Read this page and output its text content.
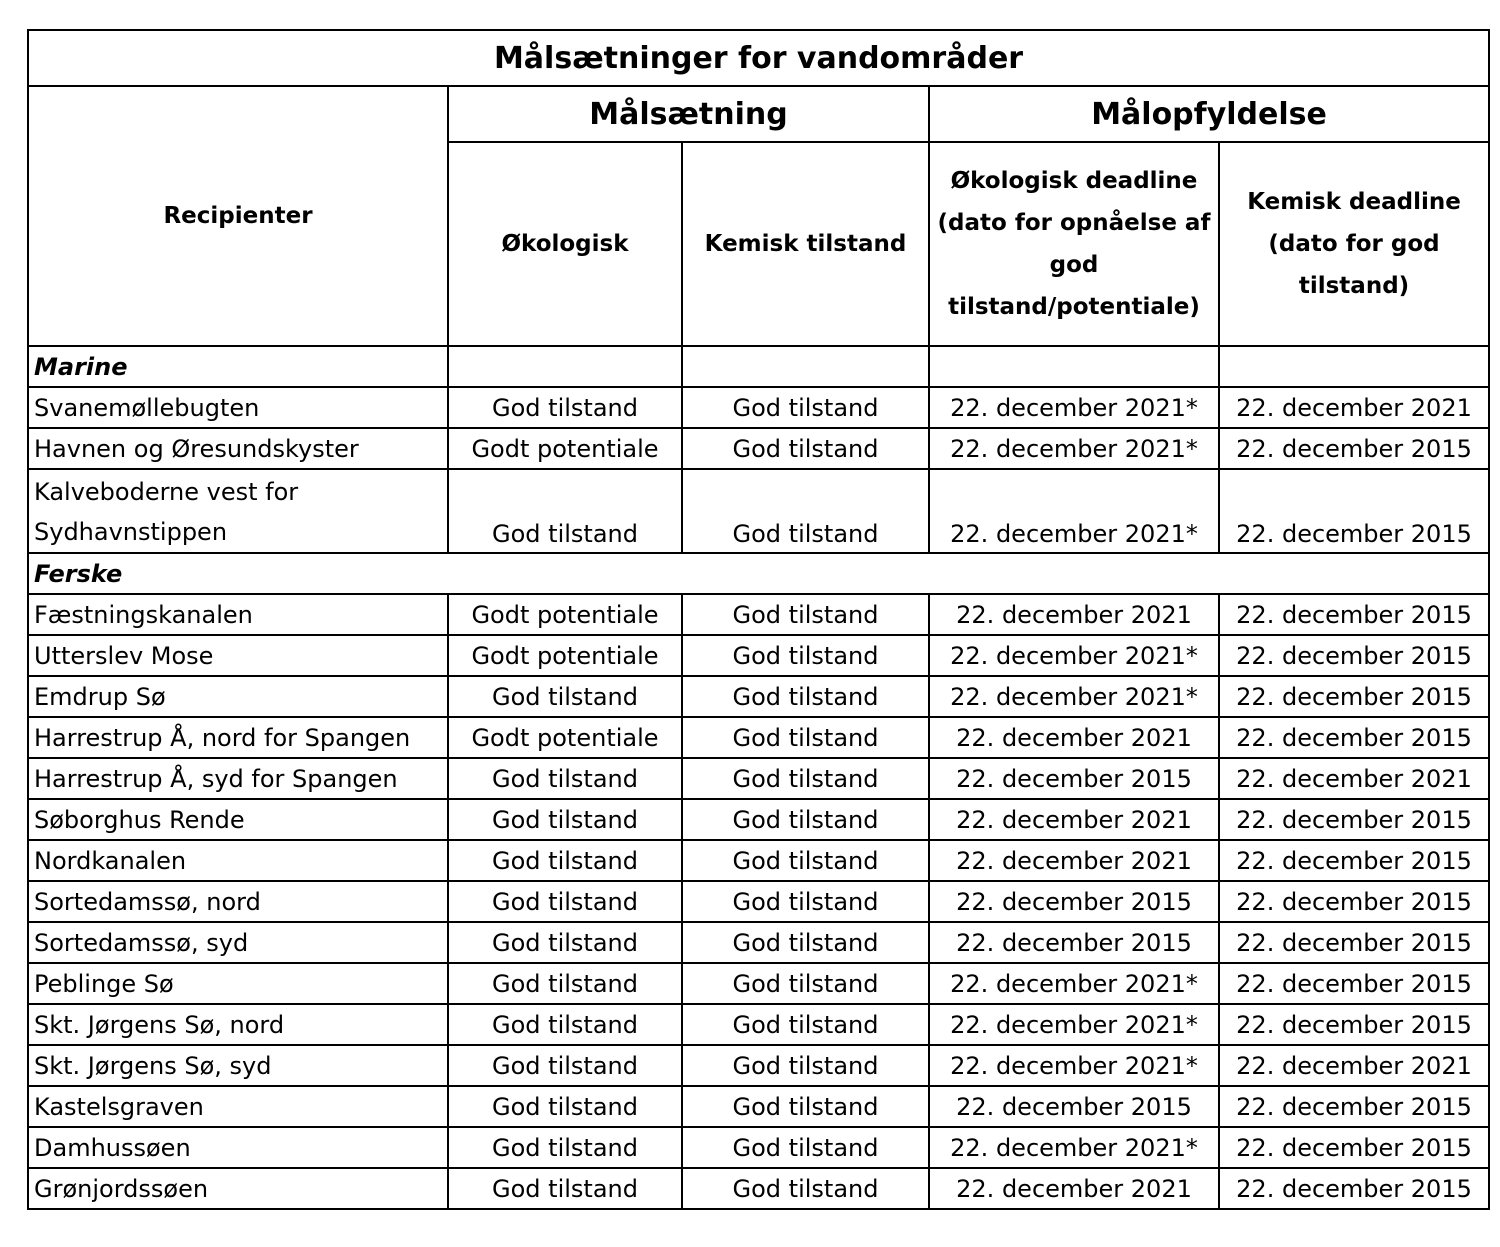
Målsætninger for vandområder				
Recipienter	Målsætning		Målopfyldelse	
	Økologisk	Kemisk tilstand	Økologisk deadline (dato for opnåelse af god tilstand/potentiale)	Kemisk deadline (dato for god tilstand)
Marine				
Svanemøllebugten	God tilstand	God tilstand	22. december 2021*	22. december 2021
Havnen og Øresundskyster	Godt potentiale	God tilstand	22. december 2021*	22. december 2015
Kalveboderne vest for Sydhavnstippen	God tilstand	God tilstand	22. december 2021*	22. december 2015
Ferske				
Fæstningskanalen	Godt potentiale	God tilstand	22. december 2021	22. december 2015
Utterslev Mose	Godt potentiale	God tilstand	22. december 2021*	22. december 2015
Emdrup Sø	God tilstand	God tilstand	22. december 2021*	22. december 2015
Harrestrup Å, nord for Spangen	Godt potentiale	God tilstand	22. december 2021	22. december 2015
Harrestrup Å, syd for Spangen	God tilstand	God tilstand	22. december 2015	22. december 2021
Søborghus Rende	God tilstand	God tilstand	22. december 2021	22. december 2015
Nordkanalen	God tilstand	God tilstand	22. december 2021	22. december 2015
Sortedamssø, nord	God tilstand	God tilstand	22. december 2015	22. december 2015
Sortedamssø, syd	God tilstand	God tilstand	22. december 2015	22. december 2015
Peblinge Sø	God tilstand	God tilstand	22. december 2021*	22. december 2015
Skt. Jørgens Sø, nord	God tilstand	God tilstand	22. december 2021*	22. december 2015
Skt. Jørgens Sø, syd	God tilstand	God tilstand	22. december 2021*	22. december 2021
Kastelsgraven	God tilstand	God tilstand	22. december 2015	22. december 2015
Damhussøen	God tilstand	God tilstand	22. december 2021*	22. december 2015
Grønjordssøen	God tilstand	God tilstand	22. december 2021	22. december 2015
